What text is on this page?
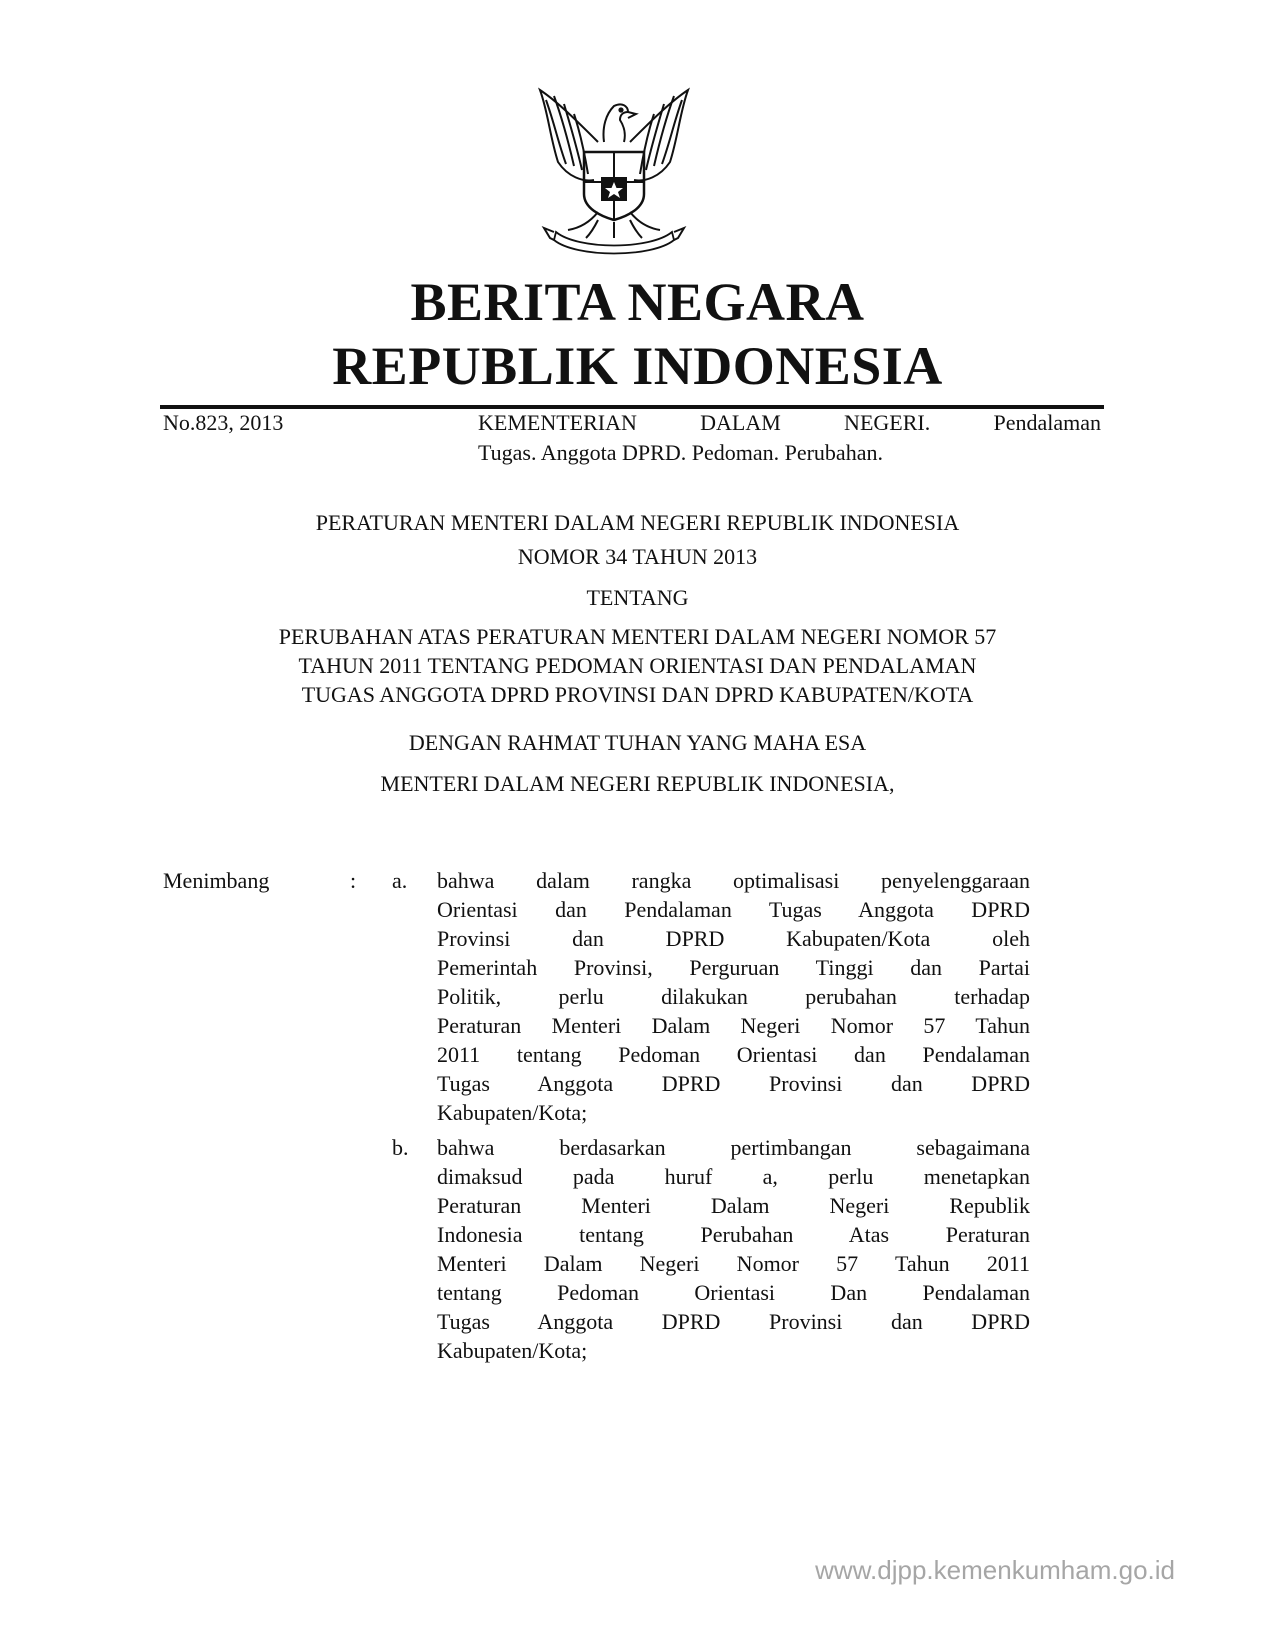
BERITA NEGARA
REPUBLIK INDONESIA
No.823, 2013	KEMENTERIAN DALAM NEGERI. Pendalaman
Tugas. Anggota DPRD. Pedoman. Perubahan.
PERATURAN MENTERI DALAM NEGERI REPUBLIK INDONESIA
NOMOR 34 TAHUN 2013
TENTANG
PERUBAHAN ATAS PERATURAN MENTERI DALAM NEGERI NOMOR 57
TAHUN 2011 TENTANG PEDOMAN ORIENTASI DAN PENDALAMAN
TUGAS ANGGOTA DPRD PROVINSI DAN DPRD KABUPATEN/KOTA
DENGAN RAHMAT TUHAN YANG MAHA ESA
MENTERI DALAM NEGERI REPUBLIK INDONESIA,
Menimbang	: a. bahwa dalam rangka optimalisasi penyelenggaraan
Orientasi dan Pendalaman Tugas Anggota DPRD
Provinsi dan DPRD Kabupaten/Kota oleh
Pemerintah Provinsi, Perguruan Tinggi dan Partai
Politik, perlu dilakukan perubahan terhadap
Peraturan Menteri Dalam Negeri Nomor 57 Tahun
2011 tentang Pedoman Orientasi dan Pendalaman
Tugas Anggota DPRD Provinsi dan DPRD
Kabupaten/Kota;
b. bahwa berdasarkan pertimbangan sebagaimana
dimaksud pada huruf a, perlu menetapkan
Peraturan Menteri Dalam Negeri Republik
Indonesia tentang Perubahan Atas Peraturan
Menteri Dalam Negeri Nomor 57 Tahun 2011
tentang Pedoman Orientasi Dan Pendalaman
Tugas Anggota DPRD Provinsi dan DPRD
Kabupaten/Kota;
www.djpp.kemenkumham.go.id
